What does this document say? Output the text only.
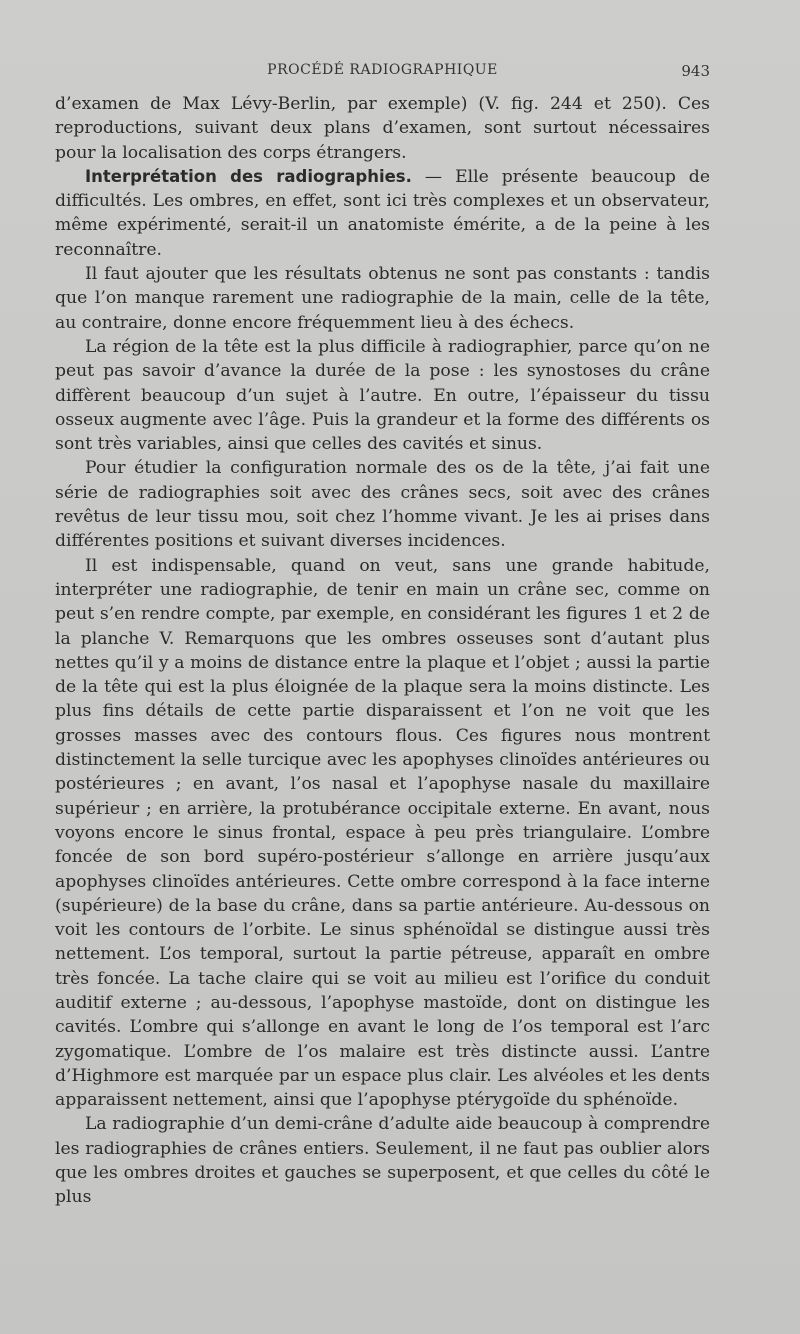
PROCÉDÉ RADIOGRAPHIQUE	943

d’examen de Max Lévy-Berlin, par exemple) (V. fig. 244 et 250). Ces reproductions, suivant deux plans d’examen, sont surtout nécessaires pour la localisation des corps étrangers.

Interprétation des radiographies. — Elle présente beaucoup de difficultés. Les ombres, en effet, sont ici très complexes et un observateur, même expérimenté, serait-il un anatomiste émérite, a de la peine à les reconnaître.

Il faut ajouter que les résultats obtenus ne sont pas constants : tandis que l’on manque rarement une radiographie de la main, celle de la tête, au contraire, donne encore fréquemment lieu à des échecs.

La région de la tête est la plus difficile à radiographier, parce qu’on ne peut pas savoir d’avance la durée de la pose : les synostoses du crâne diffèrent beaucoup d’un sujet à l’autre. En outre, l’épaisseur du tissu osseux augmente avec l’âge. Puis la grandeur et la forme des différents os sont très variables, ainsi que celles des cavités et sinus.

Pour étudier la configuration normale des os de la tête, j’ai fait une série de radiographies soit avec des crânes secs, soit avec des crânes revêtus de leur tissu mou, soit chez l’homme vivant. Je les ai prises dans différentes positions et suivant diverses incidences.

Il est indispensable, quand on veut, sans une grande habitude, interpréter une radiographie, de tenir en main un crâne sec, comme on peut s’en rendre compte, par exemple, en considérant les figures 1 et 2 de la planche V. Remarquons que les ombres osseuses sont d’autant plus nettes qu’il y a moins de distance entre la plaque et l’objet ; aussi la partie de la tête qui est la plus éloignée de la plaque sera la moins distincte. Les plus fins détails de cette partie disparaissent et l’on ne voit que les grosses masses avec des contours flous. Ces figures nous montrent distinctement la selle turcique avec les apophyses clinoïdes antérieures ou postérieures ; en avant, l’os nasal et l’apophyse nasale du maxillaire supérieur ; en arrière, la protubérance occipitale externe. En avant, nous voyons encore le sinus frontal, espace à peu près triangulaire. L’ombre foncée de son bord supéro-postérieur s’allonge en arrière jusqu’aux apophyses clinoïdes antérieures. Cette ombre correspond à la face interne (supérieure) de la base du crâne, dans sa partie antérieure. Au-dessous on voit les contours de l’orbite. Le sinus sphénoïdal se distingue aussi très nettement. L’os temporal, surtout la partie pétreuse, apparaît en ombre très foncée. La tache claire qui se voit au milieu est l’orifice du conduit auditif externe ; au-dessous, l’apophyse mastoïde, dont on distingue les cavités. L’ombre qui s’allonge en avant le long de l’os temporal est l’arc zygomatique. L’ombre de l’os malaire est très distincte aussi. L’antre d’Highmore est marquée par un espace plus clair. Les alvéoles et les dents apparaissent nettement, ainsi que l’apophyse ptérygoïde du sphénoïde.

La radiographie d’un demi-crâne d’adulte aide beaucoup à comprendre les radiographies de crânes entiers. Seulement, il ne faut pas oublier alors que les ombres droites et gauches se superposent, et que celles du côté le plus
